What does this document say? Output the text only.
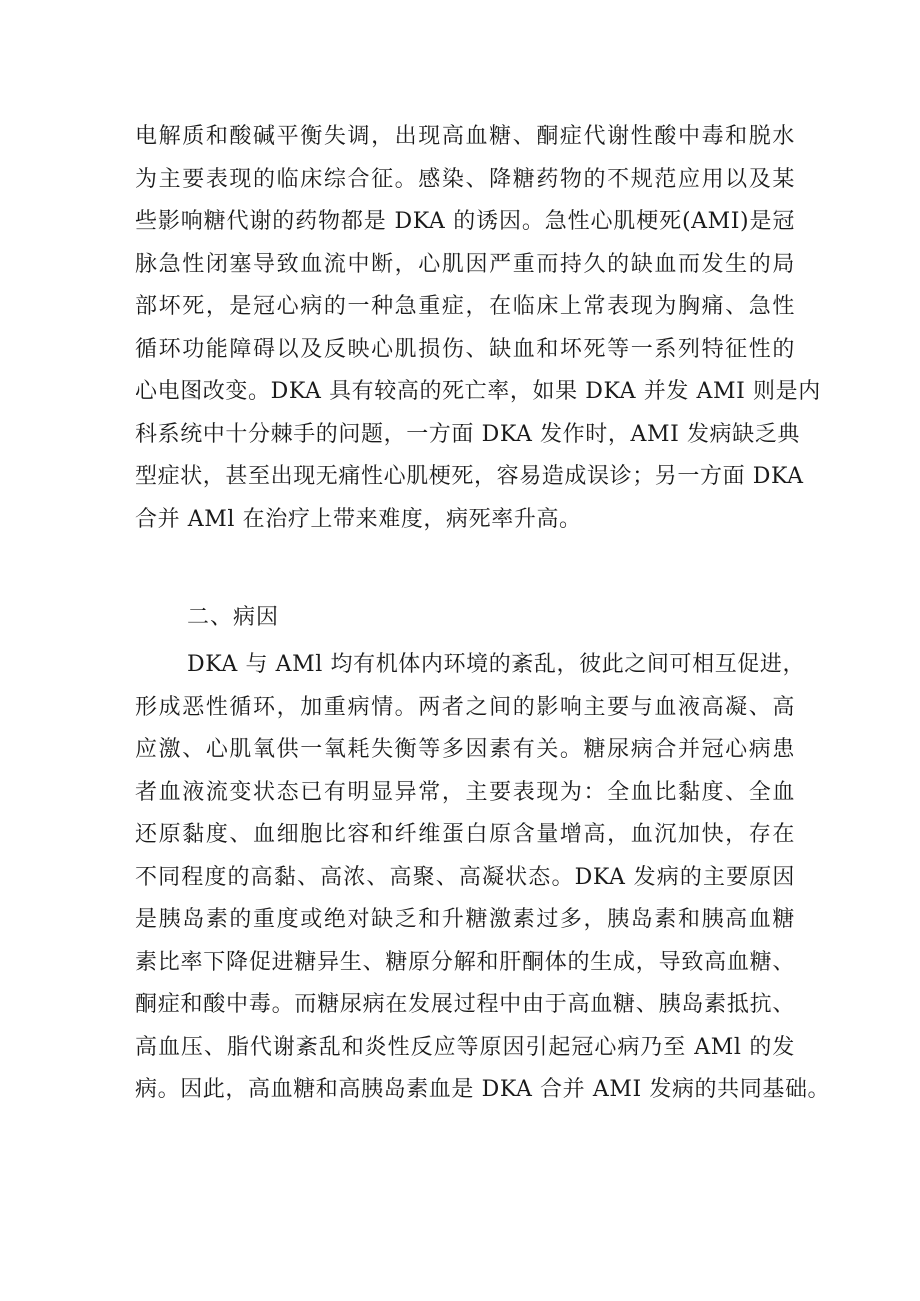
电解质和酸碱平衡失调，出现高血糖、酮症代谢性酸中毒和脱水
为主要表现的临床综合征。感染、降糖药物的不规范应用以及某
些影响糖代谢的药物都是 DKA 的诱因。急性心肌梗死(AMI)是冠
脉急性闭塞导致血流中断，心肌因严重而持久的缺血而发生的局
部坏死，是冠心病的一种急重症，在临床上常表现为胸痛、急性
循环功能障碍以及反映心肌损伤、缺血和坏死等一系列特征性的
心电图改变。DKA 具有较高的死亡率，如果 DKA 并发 AMI 则是内
科系统中十分棘手的问题，一方面 DKA 发作时，AMI 发病缺乏典
型症状，甚至出现无痛性心肌梗死，容易造成误诊；另一方面 DKA
合并 AMl 在治疗上带来难度，病死率升高。
二、病因
DKA 与 AMl 均有机体内环境的紊乱，彼此之间可相互促进，
形成恶性循环，加重病情。两者之间的影响主要与血液高凝、高
应激、心肌氧供一氧耗失衡等多因素有关。糖尿病合并冠心病患
者血液流变状态已有明显异常，主要表现为：全血比黏度、全血
还原黏度、血细胞比容和纤维蛋白原含量增高，血沉加快，存在
不同程度的高黏、高浓、高聚、高凝状态。DKA 发病的主要原因
是胰岛素的重度或绝对缺乏和升糖激素过多，胰岛素和胰高血糖
素比率下降促进糖异生、糖原分解和肝酮体的生成，导致高血糖、
酮症和酸中毒。而糖尿病在发展过程中由于高血糖、胰岛素抵抗、
高血压、脂代谢紊乱和炎性反应等原因引起冠心病乃至 AMl 的发
病。因此，高血糖和高胰岛素血是 DKA 合并 AMI 发病的共同基础。
